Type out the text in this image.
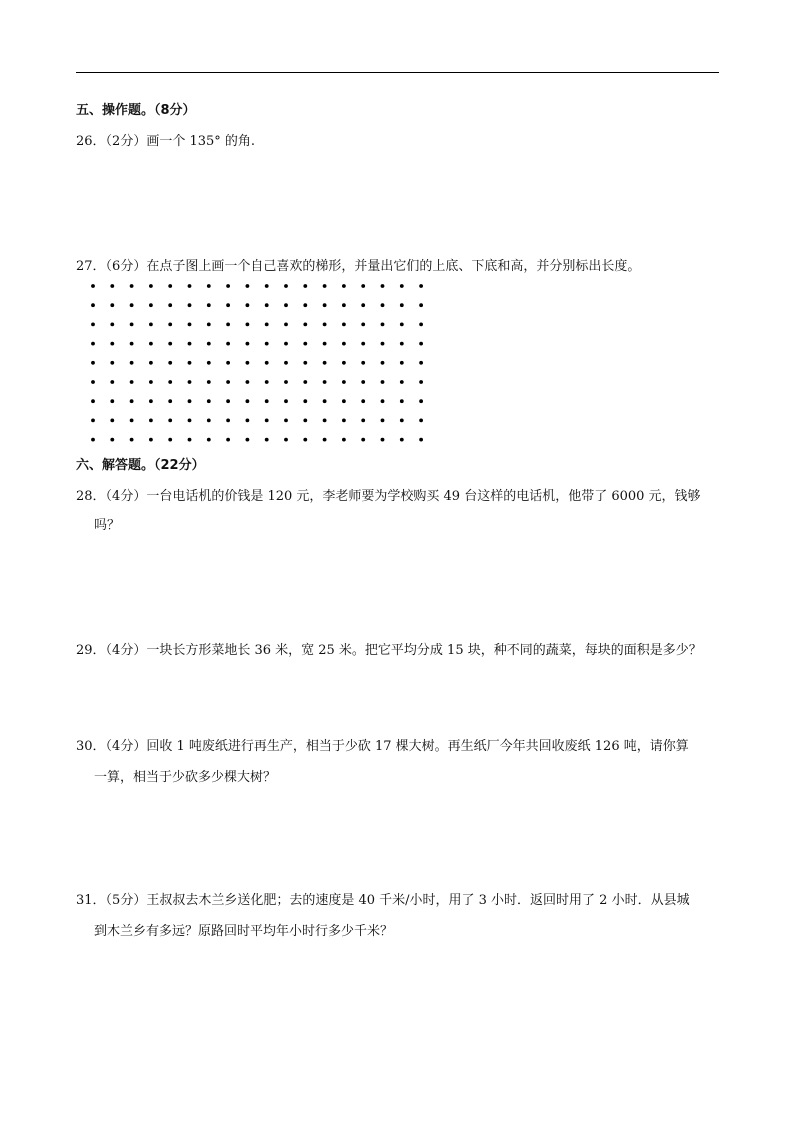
五、操作题。（8分）
26．（2分）画一个 135° 的角.
27．（6分）在点子图上画一个自己喜欢的梯形，并量出它们的上底、下底和高，并分别标出长度。
六、解答题。（22分）
28．（4分）一台电话机的价钱是 120 元，李老师要为学校购买 49 台这样的电话机，他带了 6000 元，钱够
吗？
29．（4分）一块长方形菜地长 36 米，宽 25 米。把它平均分成 15 块，种不同的蔬菜，每块的面积是多少？
30．（4分）回收 1 吨废纸进行再生产，相当于少砍 17 棵大树。再生纸厂今年共回收废纸 126 吨，请你算
一算，相当于少砍多少棵大树？
31．（5分）王叔叔去木兰乡送化肥；去的速度是 40 千米/小时，用了 3 小时．返回时用了 2 小时．从县城
到木兰乡有多远？原路回时平均年小时行多少千米？
